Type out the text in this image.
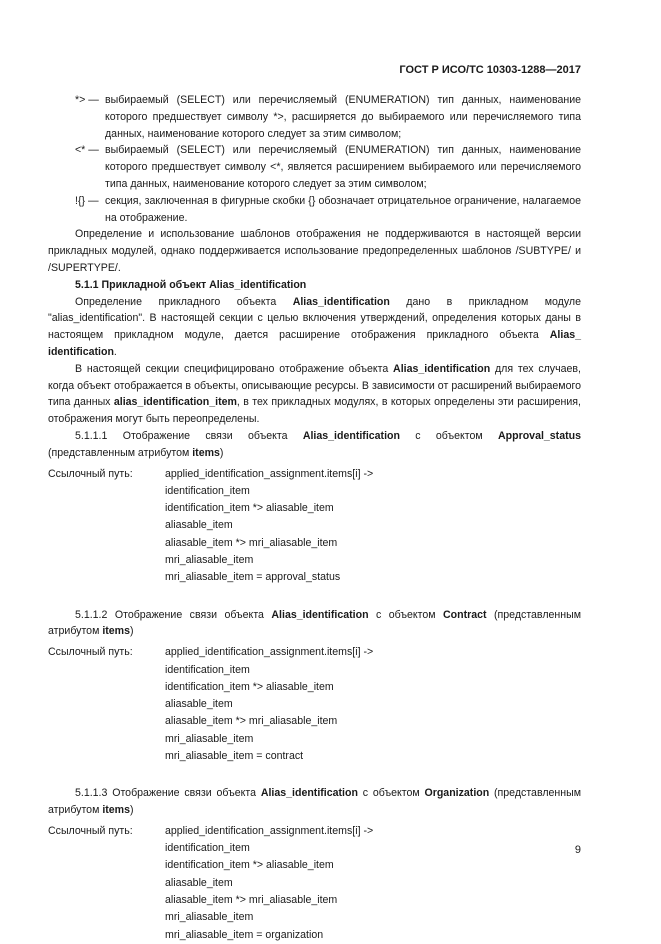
ГОСТ Р ИСО/ТС 10303-1288—2017
*> — выбираемый (SELECT) или перечисляемый (ENUMERATION) тип данных, наименование которого предшествует символу *>, расширяется до выбираемого или перечисляемого типа данных, наименование которого следует за этим символом;
<* — выбираемый (SELECT) или перечисляемый (ENUMERATION) тип данных, наименование которого предшествует символу <*, является расширением выбираемого или перечисляемого типа данных, наименование которого следует за этим символом;
!{} — секция, заключенная в фигурные скобки {} обозначает отрицательное ограничение, налагаемое на отображение.

Определение и использование шаблонов отображения не поддерживаются в настоящей версии прикладных модулей, однако поддерживается использование предопределенных шаблонов /SUBTYPE/ и /SUPERTYPE/.

5.1.1 Прикладной объект Alias_identification

Определение прикладного объекта Alias_identification дано в прикладном модуле "alias_identification". В настоящей секции с целью включения утверждений, определения которых даны в настоящем прикладном модуле, дается расширение отображения прикладного объекта Alias_ identification.

В настоящей секции специфицировано отображение объекта Alias_identification для тех случаев, когда объект отображается в объекты, описывающие ресурсы. В зависимости от расширений выбираемого типа данных alias_identification_item, в тех прикладных модулях, в которых определены эти расширения, отображения могут быть переопределены.

5.1.1.1 Отображение связи объекта Alias_identification с объектом Approval_status (представленным атрибутом items)

Ссылочный путь:	applied_identification_assignment.items[i] ->
identification_item
identification_item *> aliasable_item
aliasable_item
aliasable_item *> mri_aliasable_item
mri_aliasable_item
mri_aliasable_item = approval_status

5.1.1.2 Отображение связи объекта Alias_identification с объектом Contract (представленным атрибутом items)

Ссылочный путь:	applied_identification_assignment.items[i] ->
identification_item
identification_item *> aliasable_item
aliasable_item
aliasable_item *> mri_aliasable_item
mri_aliasable_item
mri_aliasable_item = contract

5.1.1.3 Отображение связи объекта Alias_identification с объектом Organization (представленным атрибутом items)

Ссылочный путь:	applied_identification_assignment.items[i] ->
identification_item
identification_item *> aliasable_item
aliasable_item
aliasable_item *> mri_aliasable_item
mri_aliasable_item
mri_aliasable_item = organization
9
